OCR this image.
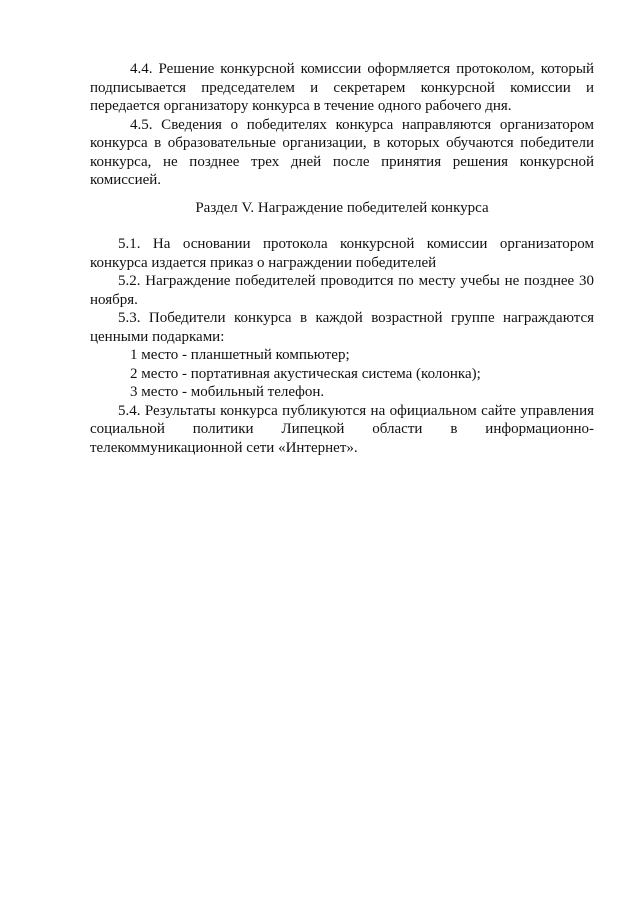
4.4. Решение конкурсной комиссии оформляется протоколом, который подписывается председателем и секретарем конкурсной комиссии и передается организатору конкурса в течение одного рабочего дня.

4.5. Сведения о победителях конкурса направляются организатором конкурса в образовательные организации, в которых обучаются победители конкурса, не позднее трех дней после принятия решения конкурсной комиссией.

Раздел V. Награждение победителей конкурса

5.1. На основании протокола конкурсной комиссии организатором конкурса издается приказ о награждении победителей

5.2. Награждение победителей проводится по месту учебы не позднее 30 ноября.

5.3. Победители конкурса в каждой возрастной группе награждаются ценными подарками:

1 место - планшетный компьютер;

2 место - портативная акустическая система (колонка);

3 место - мобильный телефон.

5.4. Результаты конкурса публикуются на официальном сайте управления социальной политики Липецкой области в информационно-телекоммуникационной сети «Интернет».
